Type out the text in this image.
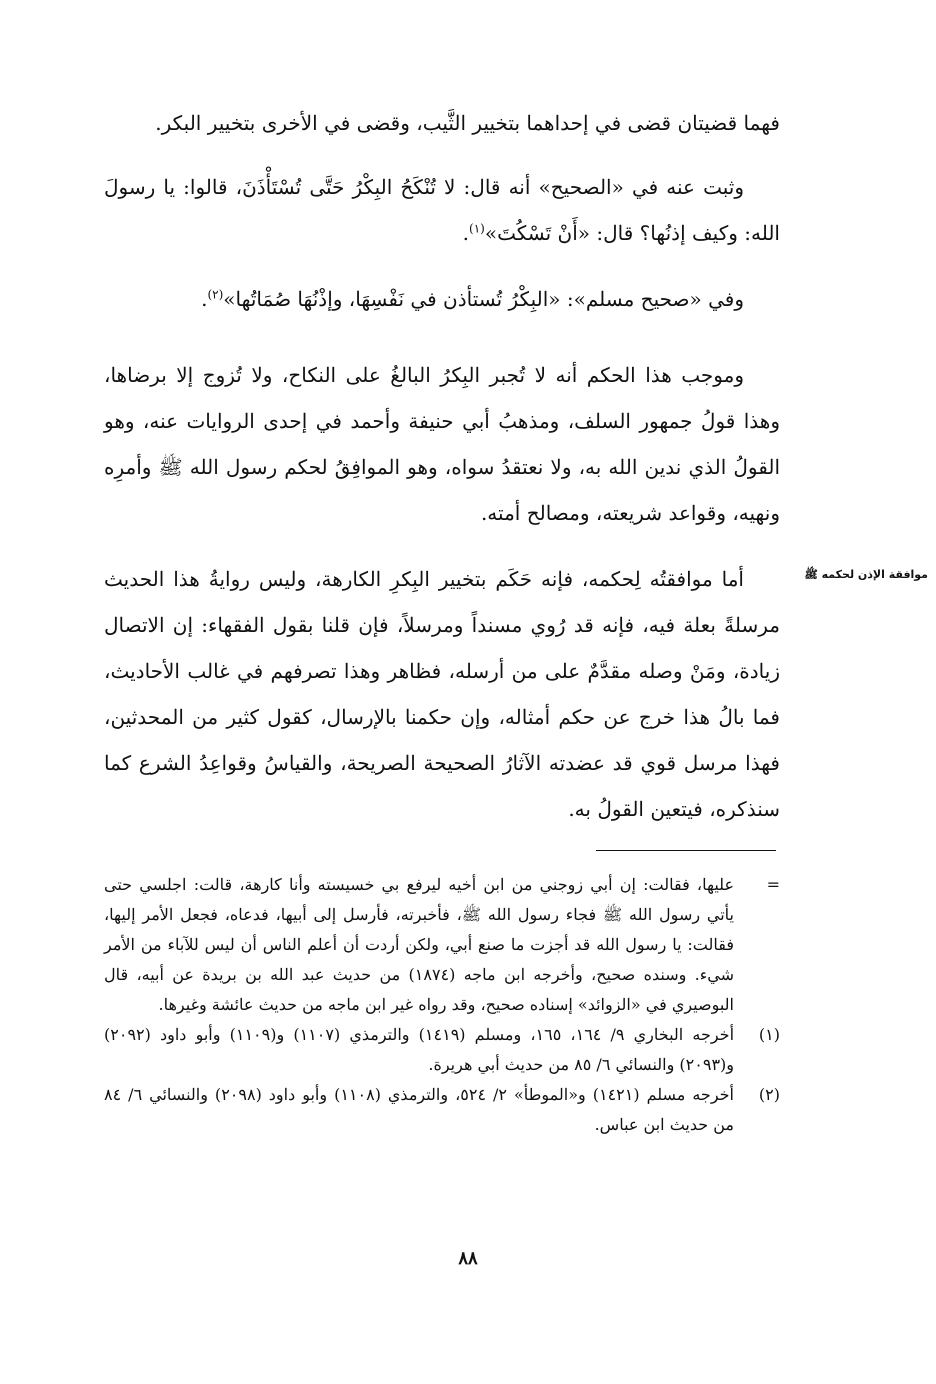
موافقة الإذن لحكمه ﷺ

فهما قضيتان قضى في إحداهما بتخيير الثَّيب، وقضى في الأخرى بتخيير البكر.

وثبت عنه في «الصحيح» أنه قال: لا تُنْكَحُ البِكْرُ حَتَّى تُسْتَأْذَنَ، قالوا: يا رسولَ الله: وكيف إذنُها؟ قال: «أَنْ تَسْكُتَ»$^{(١)}$.

وفي «صحيح مسلم»: «البِكْرُ تُستأذن في نَفْسِهَا، وإذْنُهَا صُمَاتُها»$^{(٢)}$.

وموجب هذا الحكم أنه لا تُجبر البِكرُ البالغُ على النكاح، ولا تُزوج إلا برضاها، وهذا قولُ جمهور السلف، ومذهبُ أبي حنيفة وأحمد في إحدى الروايات عنه، وهو القولُ الذي ندين الله به، ولا نعتقدُ سواه، وهو الموافِقُ لحكم رسول الله ﷺ وأمرِه ونهيه، وقواعد شريعته، ومصالح أمته.

أما موافقتُه لِحكمه، فإنه حَكَم بتخيير البِكرِ الكارهة، وليس روايةُ هذا الحديث مرسلةً بعلة فيه، فإنه قد رُوي مسنداً ومرسلاً، فإن قلنا بقول الفقهاء: إن الاتصال زيادة، ومَنْ وصله مقدَّمٌ على من أرسله، فظاهر وهذا تصرفهم في غالب الأحاديث، فما بالُ هذا خرج عن حكم أمثاله، وإن حكمنا بالإرسال، كقول كثير من المحدثين، فهذا مرسل قوي قد عضدته الآثارُ الصحيحة الصريحة، والقياسُ وقواعِدُ الشرع كما سنذكره، فيتعين القولُ به.

=
عليها، فقالت: إن أبي زوجني من ابن أخيه ليرفع بي خسيسته وأنا كارهة، قالت: اجلسي حتى يأتي رسول الله ﷺ فجاء رسول الله ﷺ، فأخبرته، فأرسل إلى أبيها، فدعاه، فجعل الأمر إليها، فقالت: يا رسول الله قد أجزت ما صنع أبي، ولكن أردت أن أعلم الناس أن ليس للآباء من الأمر شيء. وسنده صحيح، وأخرجه ابن ماجه (١٨٧٤) من حديث عبد الله بن بريدة عن أبيه، قال البوصيري في «الزوائد» إسناده صحيح، وقد رواه غير ابن ماجه من حديث عائشة وغيرها.
(١)
أخرجه البخاري ٩/ ١٦٤، ١٦٥، ومسلم (١٤١٩) والترمذي (١١٠٧) و(١١٠٩) وأبو داود (٢٠٩٢) و(٢٠٩٣) والنسائي ٦/ ٨٥ من حديث أبي هريرة.
(٢)
أخرجه مسلم (١٤٢١) و«الموطأ» ٢/ ٥٢٤، والترمذي (١١٠٨) وأبو داود (٢٠٩٨) والنسائي ٦/ ٨٤ من حديث ابن عباس.
٨٨
